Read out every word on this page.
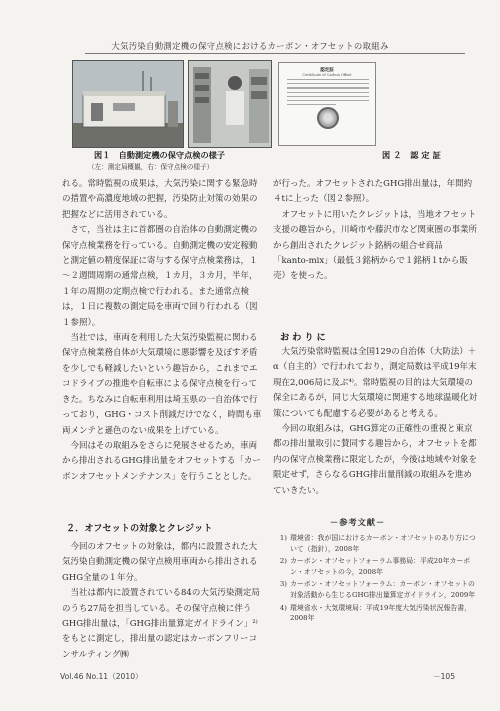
大気汚染自動測定機の保守点検におけるカーボン・オフセットの取組み
認定証
Certificate of Carbon Offset
図１　自動測定機の保守点検の様子
（左：測定局概観，右：保守点検の様子）
図２ 認定証

れる。常時監視の成果は，大気汚染に関する緊急時の措置や高濃度地域の把握，汚染防止対策の効果の把握などに活用されている。

さて，当社は主に首都圏の自治体の自動測定機の保守点検業務を行っている。自動測定機の安定稼動と測定値の精度保証に寄与する保守点検業務は，１～２週間周期の通常点検，１カ月，３カ月，半年，１年の周期の定期点検で行われる。また通常点検は，１日に複数の測定局を車両で回り行われる（図１参照）。

当社では，車両を利用した大気汚染監視に関わる保守点検業務自体が大気環境に悪影響を及ぼす矛盾を少しでも軽減したいという趣旨から，これまでエコドライブの推進や自転車による保守点検を行ってきた。ちなみに自転車利用は埼玉県の一自治体で行っており，GHG・コスト削減だけでなく，時間も車両メンテと遜色のない成果を上げている。

今回はその取組みをさらに発展させるため，車両から排出されるGHG排出量をオフセットする「カーボンオフセットメンテナンス」を行うこととした。

２．オフセットの対象とクレジット

今回のオフセットの対象は，都内に設置された大気汚染自動測定機の保守点検用車両から排出されるGHG全量の１年分。

当社は都内に設置されている84の大気汚染測定局のうち27局を担当している。その保守点検に伴うGHG排出量は，「GHG排出量算定ガイドライン」²⁾をもとに測定し，排出量の認定はカーボンフリーコンサルティング㈱

が行った。オフセットされたGHG排出量は，年間約４tに上った（図２参照）。

オフセットに用いたクレジットは，当地オフセット支援の趣旨から，川崎市や藤沢市など関東圏の事業所から創出されたクレジット銘柄の組合せ商品「kanto-mix」（最低３銘柄からで１銘柄１tから販売）を使った。

おわりに

大気汚染常時監視は全国129の自治体（大防法）＋α（自主的）で行われており，測定局数は平成19年末現在2,006局に及ぶ⁴⁾。常時監視の目的は大気環境の保全にあるが，同じ大気環境に関連する地球温暖化対策についても配慮する必要があると考える。

今回の取組みは，GHG算定の正確性の重視と東京都の排出量取引に賛同する趣旨から，オフセットを都内の保守点検業務に限定したが，今後は地域や対象を限定せず，さらなるGHG排出量削減の取組みを進めていきたい。

－参考文献－
1) 環境省：我が国におけるカーボン・オフセットのあり方について（指針），2008年
2) カーボン・オフセットフォーラム事務局：平成20年カーボン・オフセットの今，2008年
3) カーボン・オフセットフォーラム：カーボン・オフセットの対象活動から生じるGHG排出量算定ガイドライン，2009年
4) 環境省水・大気環境局：平成19年度大気汚染状況報告書，2008年
Vol.46 No.11（2010）	－105
